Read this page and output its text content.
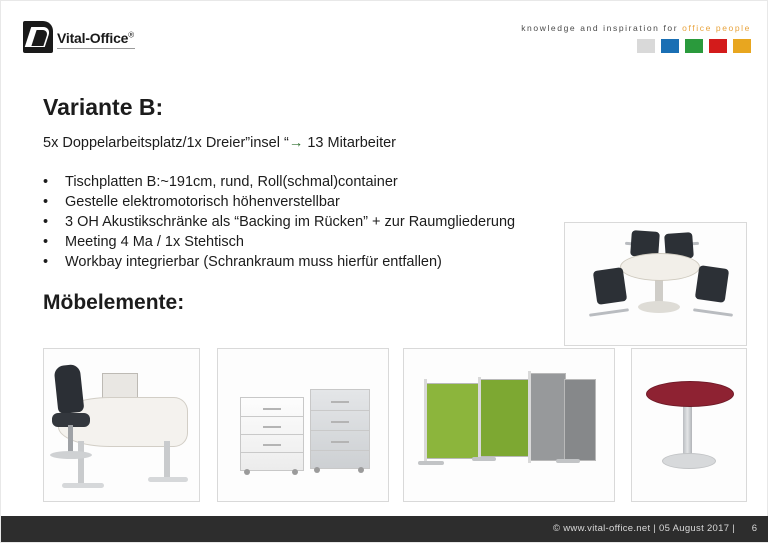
Vital-Office®
knowledge and inspiration for office people
Variante B:
5x Doppelarbeitsplatz/1x Dreier”insel “→ 13 Mitarbeiter
•	Tischplatten B:~191cm, rund, Roll(schmal)container
•	Gestelle elektromotorisch höhenverstellbar
•	3 OH Akustikschränke als “Backing im Rücken” + zur Raumgliederung
•	Meeting 4 Ma / 1x Stehtisch
•	Workbay integrierbar (Schrankraum muss hierfür entfallen)
Möbelemente:
© www.vital-office.net | 05 August 2017 | 6
